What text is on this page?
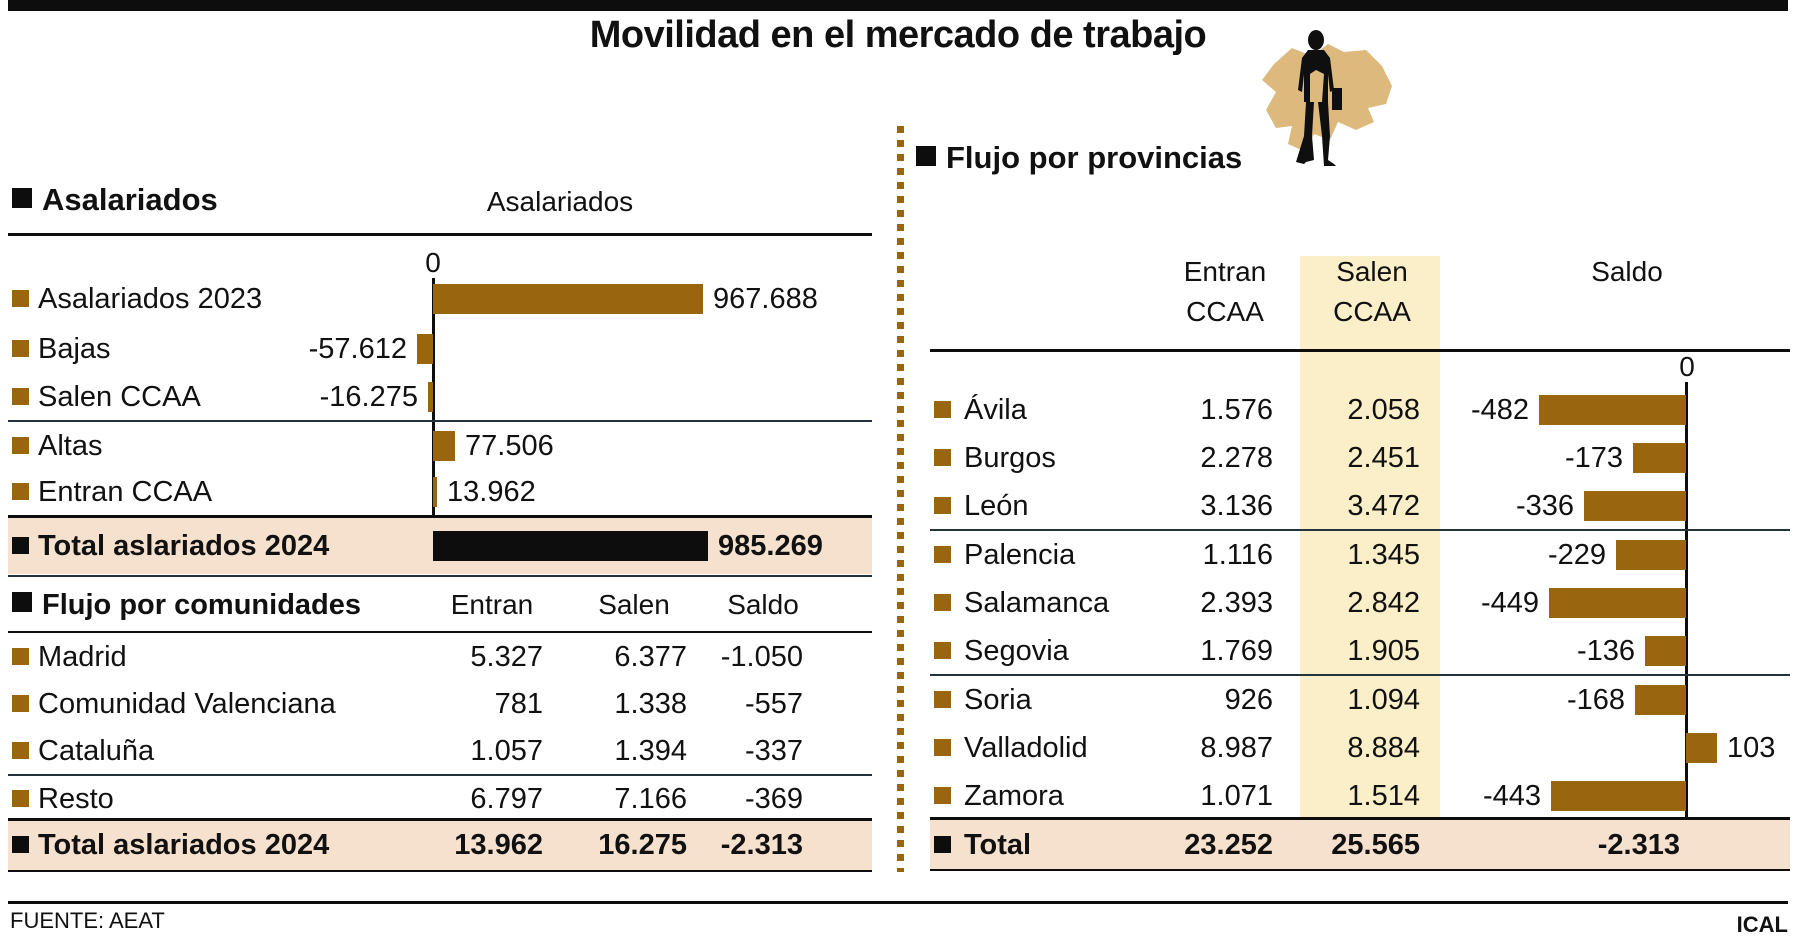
Movilidad en el mercado de trabajo
Asalariados	Asalariados
0
Asalariados 2023	967.688
Bajas	-57.612
Salen CCAA	-16.275
Altas	77.506
Entran CCAA	13.962
Total aslariados 2024	985.269
Flujo por comunidades	Entran	Salen	Saldo
Madrid	5.327 6.377 -1.050
Comunidad Valenciana	781 1.338 -557
Cataluña	1.057 1.394 -337
Resto	6.797 7.166 -369
Total aslariados 2024	13.962 16.275 -2.313
Flujo por provincias
Entran
CCAA
Salen
CCAA
Saldo
0
Ávila	1.576	2.058 -482
Burgos	2.278	2.451	-173
León	3.136	3.472	-336
Palencia	1.116	1.345	-229
Salamanca	2.393	2.842 -449
Segovia	1.769	1.905	-136
Soria	926	1.094	-168
Valladolid	8.987	8.884	103
Zamora	1.071	1.514 -443
Total	23.252 25.565	-2.313
FUENTE: AEAT	ICAL
